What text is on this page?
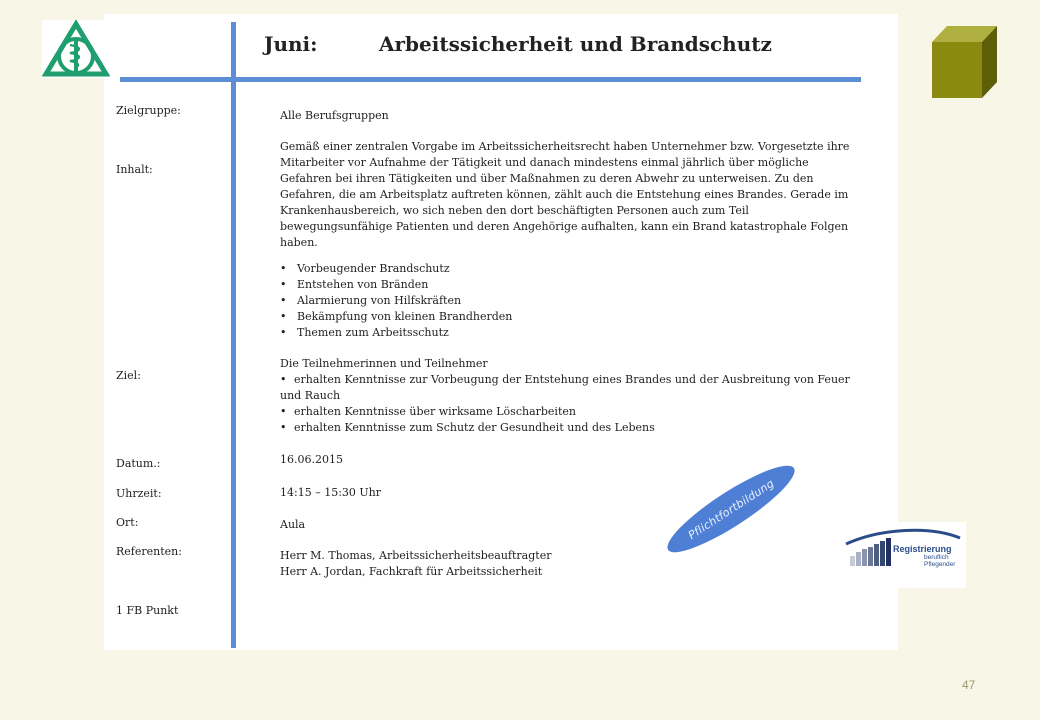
Juni:	Arbeitssicherheit und Brandschutz
Zielgruppe:
Inhalt:
Ziel:
Datum.:
Uhrzeit:
Ort:
Referenten:
1 FB Punkt
Alle Berufsgruppen
Gemäß einer zentralen Vorgabe im Arbeitssicherheitsrecht haben Unternehmer bzw. Vorgesetzte ihre Mitarbeiter vor Aufnahme der Tätigkeit und danach mindestens einmal jährlich über mögliche Gefahren bei ihren Tätigkeiten und über Maßnahmen zu deren Abwehr zu unterweisen. Zu den Gefahren, die am Arbeitsplatz auftreten können, zählt auch die Entstehung eines Brandes. Gerade im Krankenhausbereich, wo sich neben den dort beschäftigten Personen auch zum Teil bewegungsunfähige Patienten und deren Angehörige aufhalten, kann ein Brand katastrophale Folgen haben.
• Vorbeugender Brandschutz
• Entstehen von Bränden
• Alarmierung von Hilfskräften
• Bekämpfung von kleinen Brandherden
• Themen zum Arbeitsschutz
Die Teilnehmerinnen und Teilnehmer
• erhalten Kenntnisse zur Vorbeugung der Entstehung eines Brandes und der Ausbreitung von Feuer und Rauch
• erhalten Kenntnisse über wirksame Löscharbeiten
• erhalten Kenntnisse zum Schutz der Gesundheit und des Lebens
16.06.2015
14:15 – 15:30 Uhr
Aula
Herr M. Thomas, Arbeitssicherheitsbeauftragter
Herr A. Jordan, Fachkraft für Arbeitssicherheit
Pflichtfortbildung
Registrierung
beruflich
Pflegender
47
